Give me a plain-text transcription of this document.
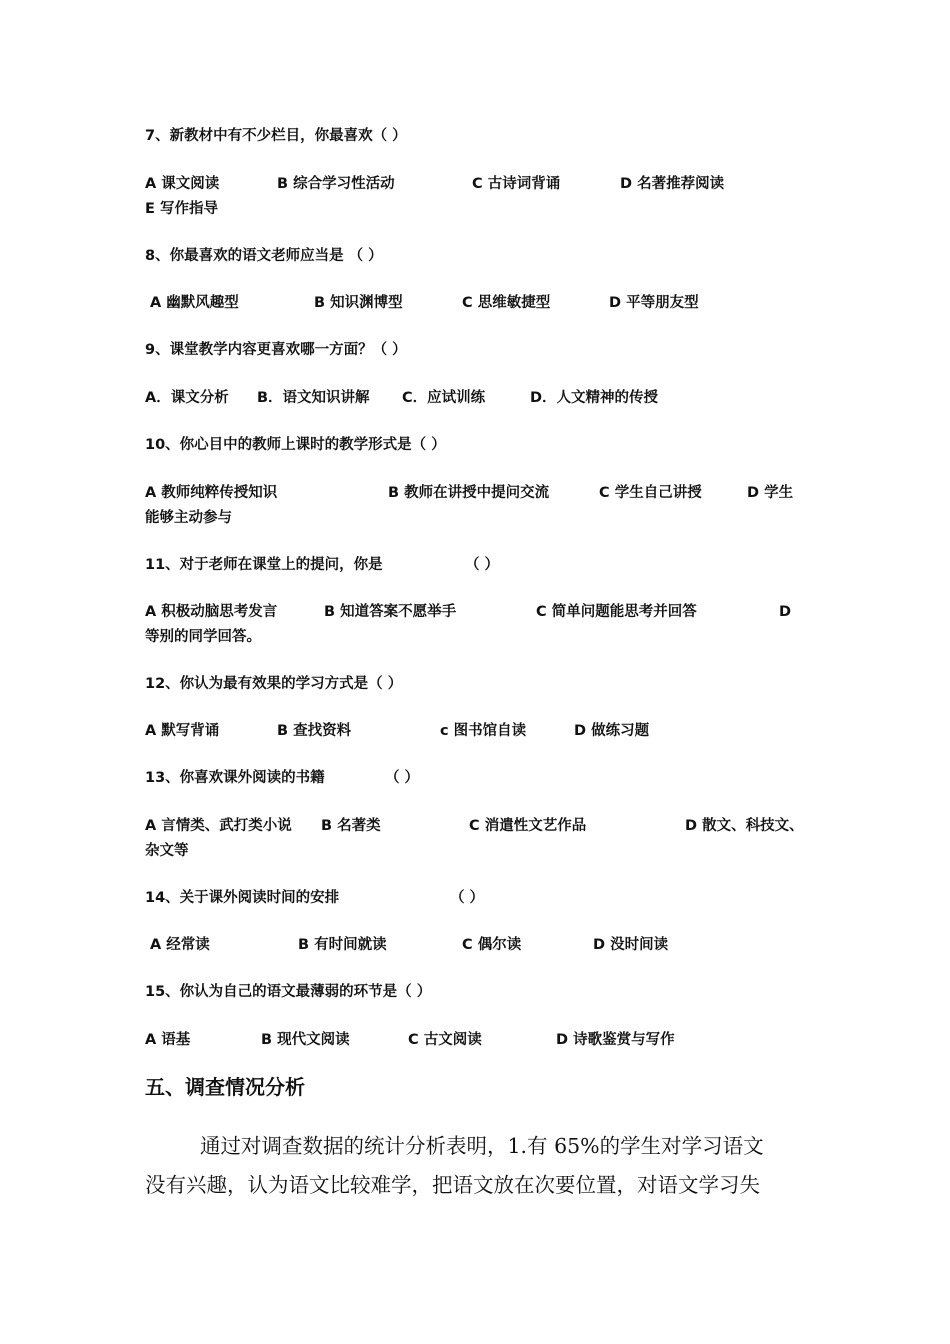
7、新教材中有不少栏目，你最喜欢（ ）
A 课文阅读	B 综合学习性活动	C 古诗词背诵	D 名著推荐阅读
E 写作指导
8、你最喜欢的语文老师应当是 （ ）
A 幽默风趣型	B 知识渊博型	C 思维敏捷型	D 平等朋友型
9、课堂教学内容更喜欢哪一方面？（ ）
A．课文分析 B．语文知识讲解 C．应试训练	D．人文精神的传授
10、你心目中的教师上课时的教学形式是（ ）
A 教师纯粹传授知识	B 教师在讲授中提问交流	C 学生自己讲授	D 学生
能够主动参与
11、对于老师在课堂上的提问，你是	（ ）
A 积极动脑思考发言	B 知道答案不愿举手	C 简单问题能思考并回答	D
等别的同学回答。
12、你认为最有效果的学习方式是（ ）
A 默写背诵	B 查找资料	c 图书馆自读	D 做练习题
13、你喜欢课外阅读的书籍	（ ）
A 言情类、武打类小说 B 名著类	C 消遣性文艺作品	D 散文、科技文、
杂文等
14、关于课外阅读时间的安排	（ ）
A 经常读	B 有时间就读	C 偶尔读	D 没时间读
15、你认为自己的语文最薄弱的环节是（ ）
A 语基	B 现代文阅读	C 古文阅读	D 诗歌鉴赏与写作
五、调查情况分析
通过对调查数据的统计分析表明，1.有 65%的学生对学习语文
没有兴趣，认为语文比较难学，把语文放在次要位置，对语文学习失
